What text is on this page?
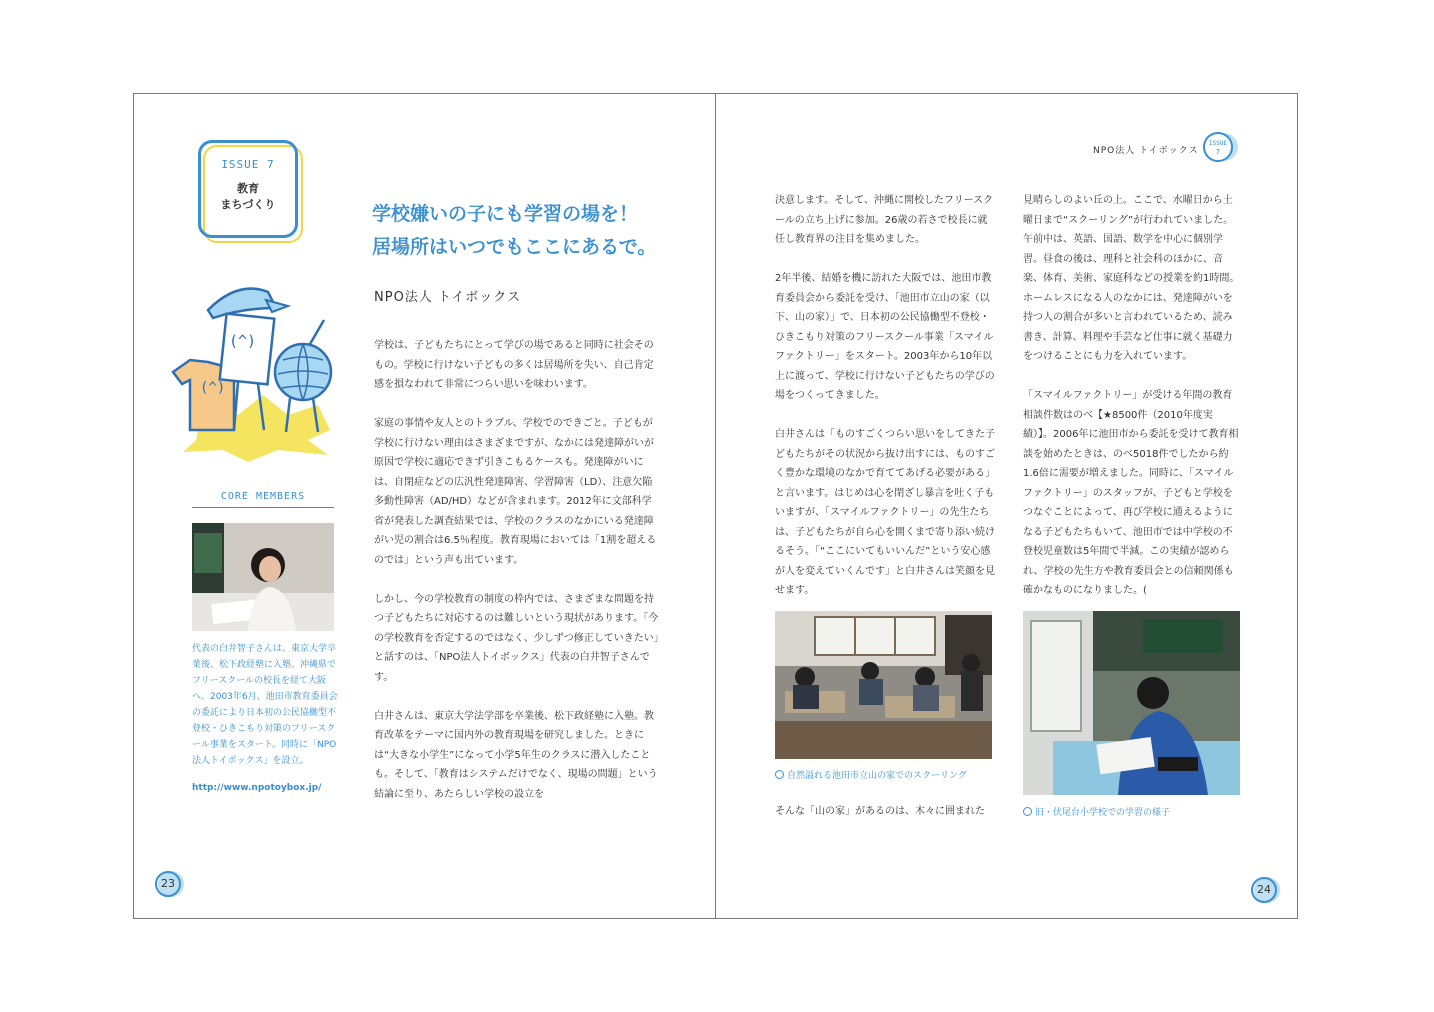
ISSUE 7
教育
まちづくり
(^)
(^)
CORE MEMBERS

代表の白井智子さんは、東京大学卒業後、松下政経塾に入塾。沖縄県でフリースクールの校長を経て大阪へ。2003年6月、池田市教育委員会の委託により日本初の公民協働型不登校・ひきこもり対策のフリースクール事業をスタート。同時に「NPO法人トイボックス」を設立。

http://www.npotoybox.jp/
学校嫌いの子にも学習の場を！
居場所はいつでもここにあるで。
NPO法人 トイボックス

学校は、子どもたちにとって学びの場であると同時に社会そのもの。学校に行けない子どもの多くは居場所を失い、自己肯定感を損なわれて非常につらい思いを味わいます。

家庭の事情や友人とのトラブル、学校でのできごと。子どもが学校に行けない理由はさまざまですが、なかには発達障がいが原因で学校に適応できず引きこもるケースも。発達障がいには、自閉症などの広汎性発達障害、学習障害（LD）、注意欠陥多動性障害（AD/HD）などが含まれます。2012年に文部科学省が発表した調査結果では、学校のクラスのなかにいる発達障がい児の割合は6.5％程度。教育現場においては「1割を超えるのでは」という声も出ています。

しかし、今の学校教育の制度の枠内では、さまざまな問題を持つ子どもたちに対応するのは難しいという現状があります。「今の学校教育を否定するのではなく、少しずつ修正していきたい」と話すのは、「NPO法人トイボックス」代表の白井智子さんです。

白井さんは、東京大学法学部を卒業後、松下政経塾に入塾。教育改革をテーマに国内外の教育現場を研究しました。ときには“大きな小学生”になって小学5年生のクラスに潜入したことも。そして、「教育はシステムだけでなく、現場の問題」という結論に至り、あたらしい学校の設立を

23
NPO法人 トイボックス
ISSUE
7

決意します。そして、沖縄に開校したフリースクールの立ち上げに参加。26歳の若さで校長に就任し教育界の注目を集めました。

2年半後、結婚を機に訪れた大阪では、池田市教育委員会から委託を受け、「池田市立山の家（以下、山の家）」で、日本初の公民協働型不登校・ひきこもり対策のフリースクール事業「スマイルファクトリー」をスタート。2003年から10年以上に渡って、学校に行けない子どもたちの学びの場をつくってきました。

白井さんは「ものすごくつらい思いをしてきた子どもたちがその状況から抜け出すには、ものすごく豊かな環境のなかで育ててあげる必要がある」と言います。はじめは心を閉ざし暴言を吐く子もいますが、「スマイルファクトリー」の先生たちは、子どもたちが自ら心を開くまで寄り添い続けるそう。「“ここにいてもいいんだ”という安心感が人を変えていくんです」と白井さんは笑顔を見せます。

見晴らしのよい丘の上。ここで、水曜日から土曜日まで“スクーリング”が行われていました。午前中は、英語、国語、数学を中心に個別学習。昼食の後は、理科と社会科のほかに、音楽、体育、美術、家庭科などの授業を約1時間。ホームレスになる人のなかには、発達障がいを持つ人の割合が多いと言われているため、読み書き、計算、料理や手芸など仕事に就く基礎力をつけることにも力を入れています。

「スマイルファクトリー」が受ける年間の教育相談件数はのべ【★8500件（2010年度実績）】。2006年に池田市から委託を受けて教育相談を始めたときは、のべ5018件でしたから約1.6倍に需要が増えました。同時に、「スマイルファクトリー」のスタッフが、子どもと学校をつなぐことによって、再び学校に通えるようになる子どもたちもいて、池田市では中学校の不登校児童数は5年間で半減。この実績が認められ、学校の先生方や教育委員会との信頼関係も確かなものになりました。(

自然溢れる池田市立山の家でのスクーリング
そんな「山の家」があるのは、木々に囲まれた	旧・伏尾台小学校での学習の様子
24
